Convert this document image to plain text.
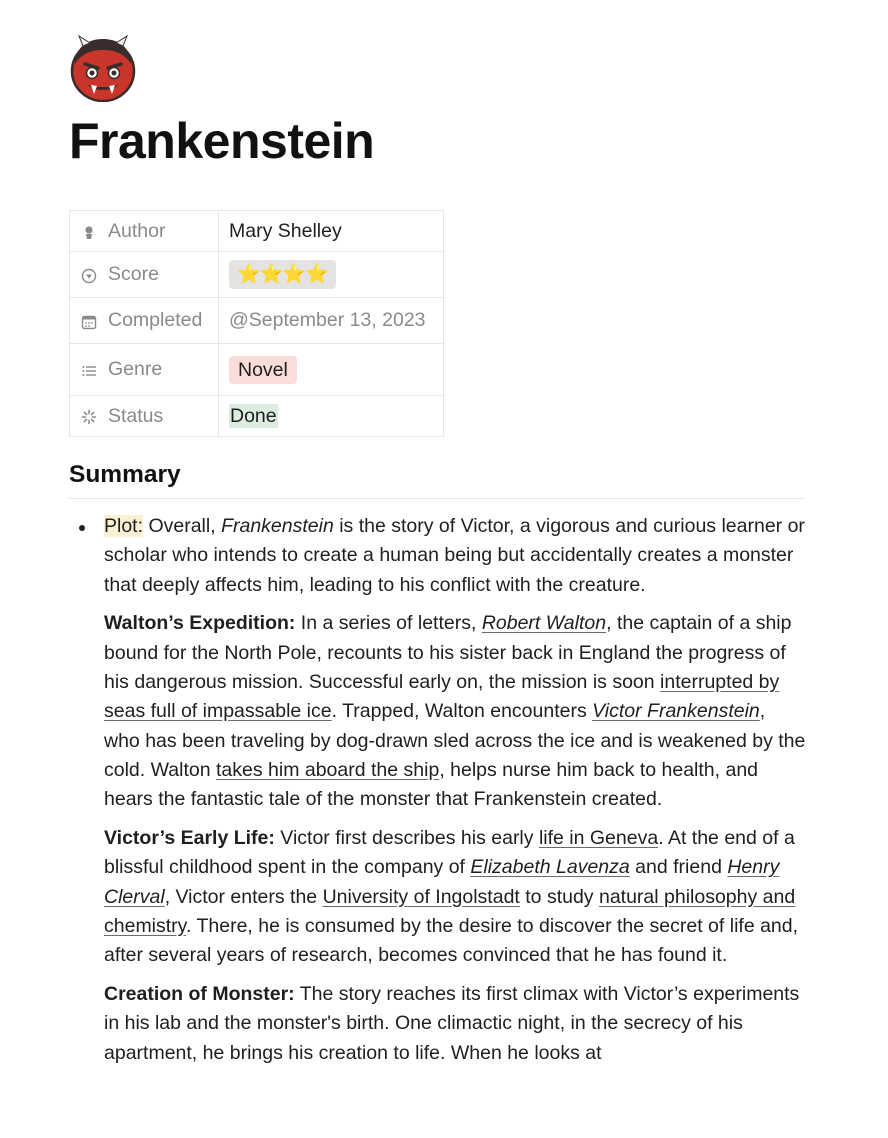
Frankenstein
Author	Mary Shelley

Score	⭐⭐⭐⭐

Completed	@September 13, 2023

Genre	Novel

Status	Done
Summary

Plot: Overall, Frankenstein is the story of Victor, a vigorous and curious learner or scholar who intends to create a human being but accidentally creates a monster that deeply affects him, leading to his conflict with the creature.

Walton’s Expedition: In a series of letters, Robert Walton, the captain of a ship bound for the North Pole, recounts to his sister back in England the progress of his dangerous mission. Successful early on, the mission is soon interrupted by seas full of impassable ice. Trapped, Walton encounters Victor Frankenstein, who has been traveling by dog-drawn sled across the ice and is weakened by the cold. Walton takes him aboard the ship, helps nurse him back to health, and hears the fantastic tale of the monster that Frankenstein created.

Victor’s Early Life: Victor first describes his early life in Geneva. At the end of a blissful childhood spent in the company of Elizabeth Lavenza and friend Henry Clerval, Victor enters the University of Ingolstadt to study natural philosophy and chemistry. There, he is consumed by the desire to discover the secret of life and, after several years of research, becomes convinced that he has found it.

Creation of Monster: The story reaches its first climax with Victor’s experiments in his lab and the monster's birth. One climactic night, in the secrecy of his apartment, he brings his creation to life. When he looks at
